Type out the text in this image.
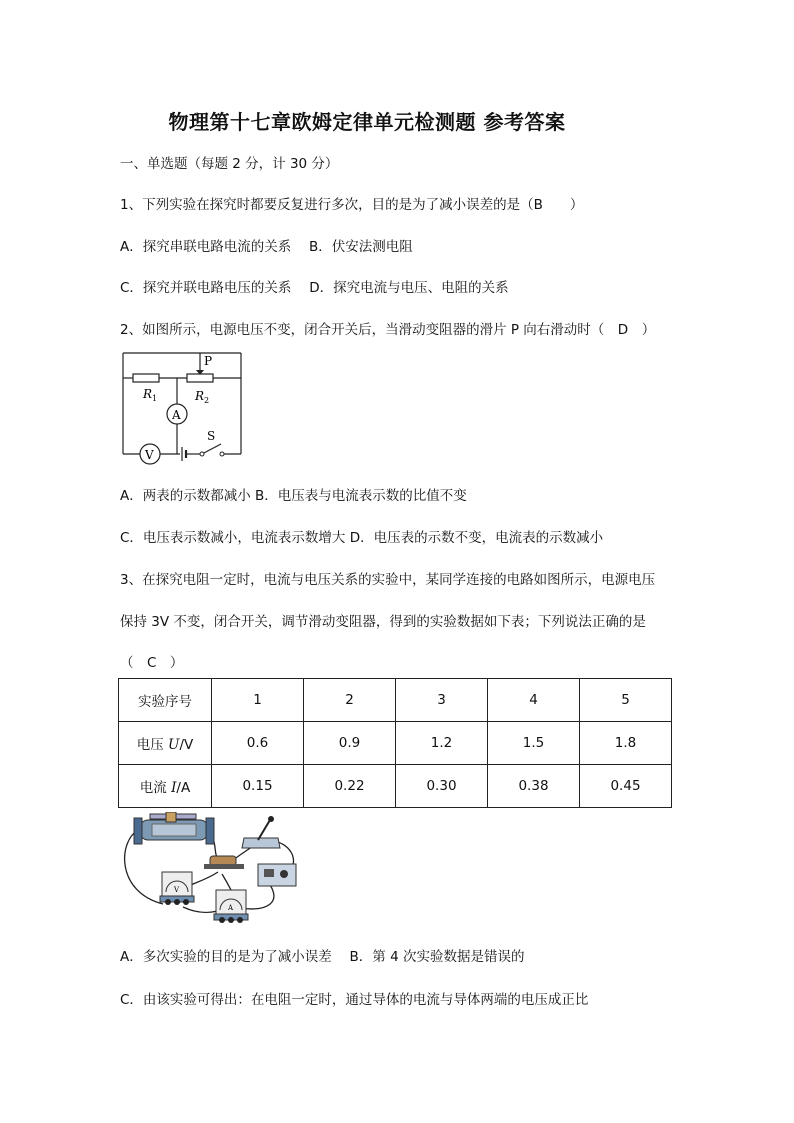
物理第十七章欧姆定律单元检测题 参考答案
一、单选题（每题 2 分，计 30 分）
1、下列实验在探究时都要反复进行多次，目的是为了减小误差的是（B　　）
A．探究串联电路电流的关系　 B．伏安法测电阻
C．探究并联电路电压的关系　 D．探究电流与电压、电阻的关系
2、如图所示，电源电压不变，闭合开关后，当滑动变阻器的滑片 P 向右滑动时（　D　）
P
R 1	R 2
A
V
S
A．两表的示数都减小 B．电压表与电流表示数的比值不变
C．电压表示数减小，电流表示数增大 D．电压表的示数不变，电流表的示数减小
3、在探究电阻一定时，电流与电压关系的实验中，某同学连接的电路如图所示，电源电压
保持 3V 不变，闭合开关，调节滑动变阻器，得到的实验数据如下表；下列说法正确的是
（　C　）
实验序号	1	2	3	4	5
电压 U/V	0.6	0.9	1.2	1.5	1.8
电流 I/A	0.15	0.22	0.30	0.38	0.45
V
A
A．多次实验的目的是为了减小误差　 B．第 4 次实验数据是错误的
C．由该实验可得出：在电阻一定时，通过导体的电流与导体两端的电压成正比
